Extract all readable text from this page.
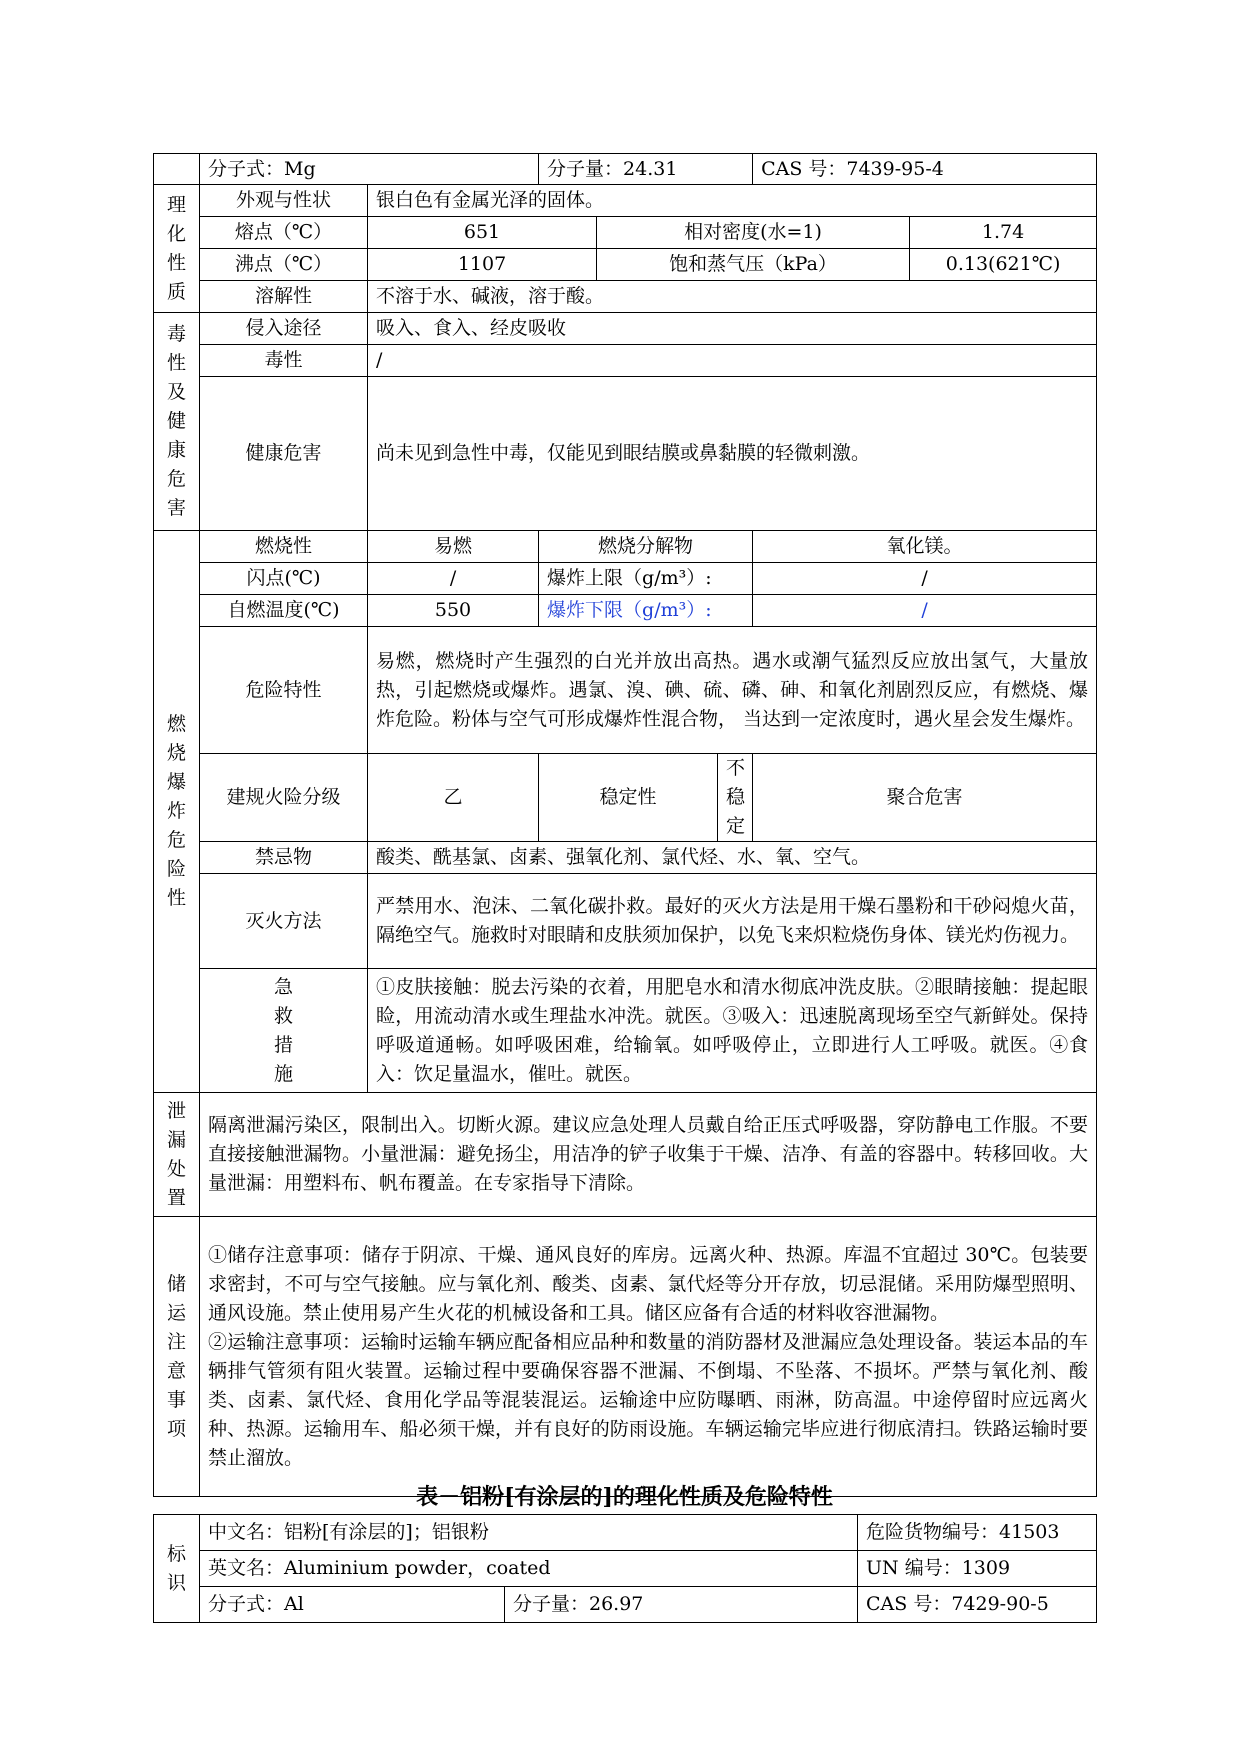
	分子式：Mg		分子量：24.31			CAS 号：7439-95-4		
理化性质	外观与性状	银白色有金属光泽的固体。						
	熔点（℃）	651		相对密度(水=1)			1.74	
	沸点（℃）	1107		饱和蒸气压（kPa）			0.13(621℃)	
	溶解性	不溶于水、碱液，溶于酸。						
毒性及健康危害	侵入途径	吸入、食入、经皮吸收						
	毒性	/						
	健康危害	尚未见到急性中毒，仅能见到眼结膜或鼻黏膜的轻微刺激。						
燃烧爆炸危险性	燃烧性	易燃	燃烧分解物			氧化镁。		
	闪点(℃)	/	爆炸上限（g/m³）:			/		
	自燃温度(℃)	550	爆炸下限（g/m³）:			/		
	危险特性	易燃，燃烧时产生强烈的白光并放出高热。遇水或潮气猛烈反应放出氢气，大量放热，引起燃烧或爆炸。遇氯、溴、碘、硫、磷、砷、和氧化剂剧烈反应，有燃烧、爆炸危险。粉体与空气可形成爆炸性混合物， 当达到一定浓度时，遇火星会发生爆炸。						
	建规火险分级	乙	稳定性		不稳定	聚合危害	
	禁忌物	酸类、酰基氯、卤素、强氧化剂、氯代烃、水、氧、空气。						
	灭火方法	严禁用水、泡沫、二氧化碳扑救。最好的灭火方法是用干燥石墨粉和干砂闷熄火苗，隔绝空气。施救时对眼睛和皮肤须加保护，以免飞来炽粒烧伤身体、镁光灼伤视力。						
	急救措施	①皮肤接触：脱去污染的衣着，用肥皂水和清水彻底冲洗皮肤。②眼睛接触：提起眼睑，用流动清水或生理盐水冲洗。就医。③吸入：迅速脱离现场至空气新鲜处。保持呼吸道通畅。如呼吸困难，给输氧。如呼吸停止，立即进行人工呼吸。就医。④食入：饮足量温水，催吐。就医。						
泄漏处置	隔离泄漏污染区，限制出入。切断火源。建议应急处理人员戴自给正压式呼吸器，穿防静电工作服。不要直接接触泄漏物。小量泄漏：避免扬尘，用洁净的铲子收集于干燥、洁净、有盖的容器中。转移回收。大量泄漏：用塑料布、帆布覆盖。在专家指导下清除。							
储运注意事项	①储存注意事项：储存于阴凉、干燥、通风良好的库房。远离火种、热源。库温不宜超过 30℃。包装要求密封，不可与空气接触。应与氧化剂、酸类、卤素、氯代烃等分开存放，切忌混储。采用防爆型照明、通风设施。禁止使用易产生火花的机械设备和工具。储区应备有合适的材料收容泄漏物。
②运输注意事项：运输时运输车辆应配备相应品种和数量的消防器材及泄漏应急处理设备。装运本品的车辆排气管须有阻火装置。运输过程中要确保容器不泄漏、不倒塌、不坠落、不损坏。严禁与氧化剂、酸类、卤素、氯代烃、食用化学品等混装混运。运输途中应防曝晒、雨淋，防高温。中途停留时应远离火种、热源。运输用车、船必须干燥，并有良好的防雨设施。车辆运输完毕应进行彻底清扫。铁路运输时要禁止溜放。							
表－铝粉[有涂层的]的理化性质及危险特性
标识	中文名：铝粉[有涂层的]；铝银粉		危险货物编号：41503
	英文名：Aluminium powder，coated		UN 编号：1309
	分子式：Al	分子量：26.97	CAS 号：7429-90-5
